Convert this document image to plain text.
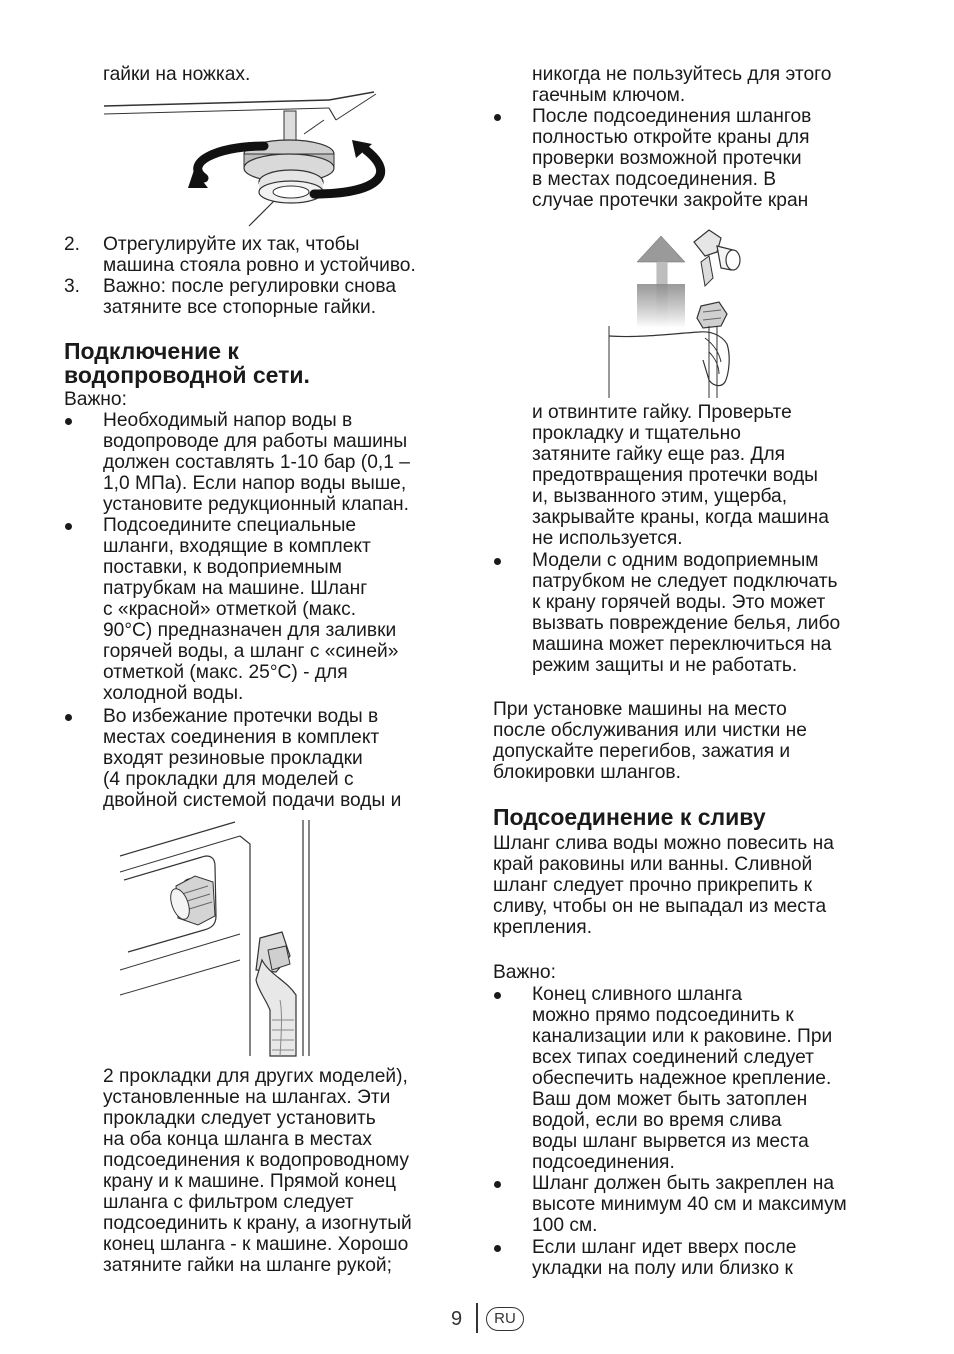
гайки на ножках.
2. Отрегулируйте их так, чтобы
машина стояла ровно и устойчиво.
3. Важно: после регулировки снова
затяните все стопорные гайки.
Подключение к
водопроводной сети.
Важно:
Необходимый напор воды в
водопроводе для работы машины
должен составлять 1-10 бар (0,1 –
1,0 МПа). Если напор воды выше,
установите редукционный клапан.
Подсоедините специальные
шланги, входящие в комплект
поставки, к водоприемным
патрубкам на машине. Шланг
с «красной» отметкой (макс.
90°C) предназначен для заливки
горячей воды, а шланг с «синей»
отметкой (макс. 25°C) - для
холодной воды.
Во избежание протечки воды в
местах соединения в комплект
входят резиновые прокладки
(4 прокладки для моделей с
двойной системой подачи воды и
2 прокладки для других моделей),
установленные на шлангах. Эти
прокладки следует установить
на оба конца шланга в местах
подсоединения к водопроводному
крану и к машине. Прямой конец
шланга с фильтром следует
подсоединить к крану, а изогнутый
конец шланга - к машине. Хорошо
затяните гайки на шланге рукой;
никогда не пользуйтесь для этого
гаечным ключом.
После подсоединения шлангов
полностью откройте краны для
проверки возможной протечки
в местах подсоединения. В
случае протечки закройте кран
и отвинтите гайку. Проверьте
прокладку и тщательно
затяните гайку еще раз. Для
предотвращения протечки воды
и, вызванного этим, ущерба,
закрывайте краны, когда машина
не используется.
Модели с одним водоприемным
патрубком не следует подключать
к крану горячей воды. Это может
вызвать повреждение белья, либо
машина может переключиться на
режим защиты и не работать.
При установке машины на место
после обслуживания или чистки не
допускайте перегибов, зажатия и
блокировки шлангов.
Подсоединение к сливу
Шланг слива воды можно повесить на
край раковины или ванны. Сливной
шланг следует прочно прикрепить к
сливу, чтобы он не выпадал из места
крепления.
Важно:
Конец сливного шланга
можно прямо подсоединить к
канализации или к раковине. При
всех типах соединений следует
обеспечить надежное крепление.
Ваш дом может быть затоплен
водой, если во время слива
воды шланг вырвется из места
подсоединения.
Шланг должен быть закреплен на
высоте минимум 40 см и максимум
100 см.
Если шланг идет вверх после
укладки на полу или близко к
9	RU
